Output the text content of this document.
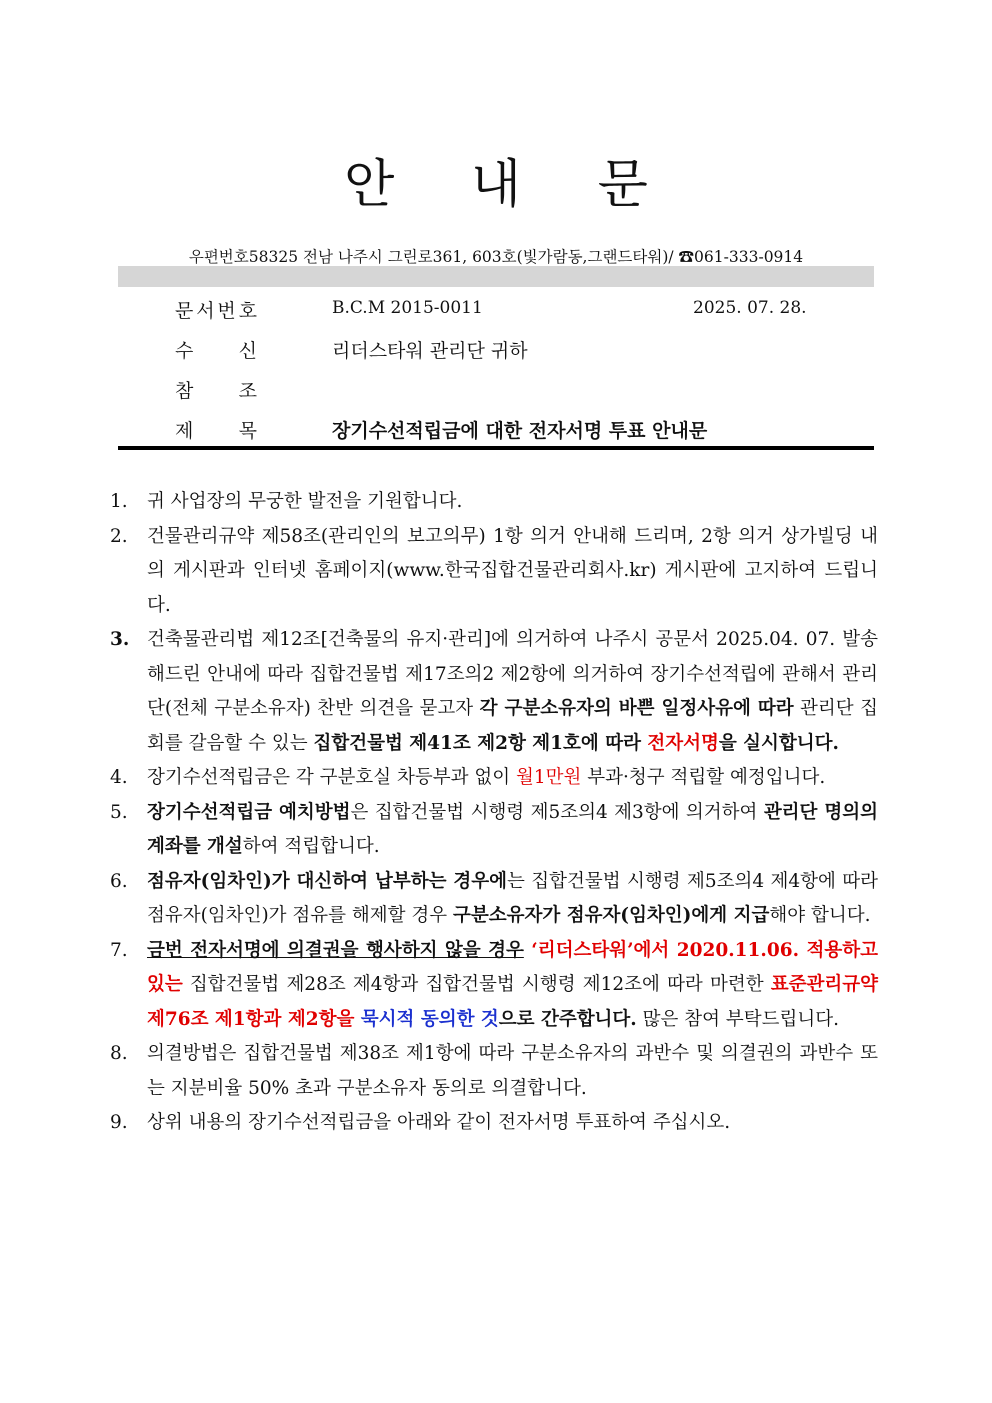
안 내 문
우편번호58325 전남 나주시 그린로361, 603호(빛가람동,그랜드타워)/ ☎061-333-0914
문 서 번 호	B.C.M 2015-0011	2025. 07. 28.
수 신	리더스타워 관리단 귀하
참 조
제 목	장기수선적립금에 대한 전자서명 투표 안내문
1. 귀 사업장의 무궁한 발전을 기원합니다.
2. 건물관리규약 제58조(관리인의 보고의무) 1항 의거 안내해 드리며, 2항 의거 상가빌딩 내의 게시판과 인터넷 홈페이지(www.한국집합건물관리회사.kr) 게시판에 고지하여 드립니다.
3. 건축물관리법 제12조[건축물의 유지·관리]에 의거하여 나주시 공문서 2025.04. 07. 발송해드린 안내에 따라 집합건물법 제17조의2 제2항에 의거하여 장기수선적립에 관해서 관리단(전체 구분소유자) 찬반 의견을 묻고자 각 구분소유자의 바쁜 일정사유에 따라 관리단 집회를 갈음할 수 있는 집합건물법 제41조 제2항 제1호에 따라 전자서명을 실시합니다.
4. 장기수선적립금은 각 구분호실 차등부과 없이 월1만원 부과·청구 적립할 예정입니다.
5. 장기수선적립금 예치방법은 집합건물법 시행령 제5조의4 제3항에 의거하여 관리단 명의의 계좌를 개설하여 적립합니다.
6. 점유자(임차인)가 대신하여 납부하는 경우에는 집합건물법 시행령 제5조의4 제4항에 따라 점유자(임차인)가 점유를 해제할 경우 구분소유자가 점유자(임차인)에게 지급해야 합니다.
7. 금번 전자서명에 의결권을 행사하지 않을 경우 ‘리더스타워’에서 2020.11.06. 적용하고 있는 집합건물법 제28조 제4항과 집합건물법 시행령 제12조에 따라 마련한 표준관리규약 제76조 제1항과 제2항을 묵시적 동의한 것으로 간주합니다. 많은 참여 부탁드립니다.
8. 의결방법은 집합건물법 제38조 제1항에 따라 구분소유자의 과반수 및 의결권의 과반수 또는 지분비율 50% 초과 구분소유자 동의로 의결합니다.
9. 상위 내용의 장기수선적립금을 아래와 같이 전자서명 투표하여 주십시오.
